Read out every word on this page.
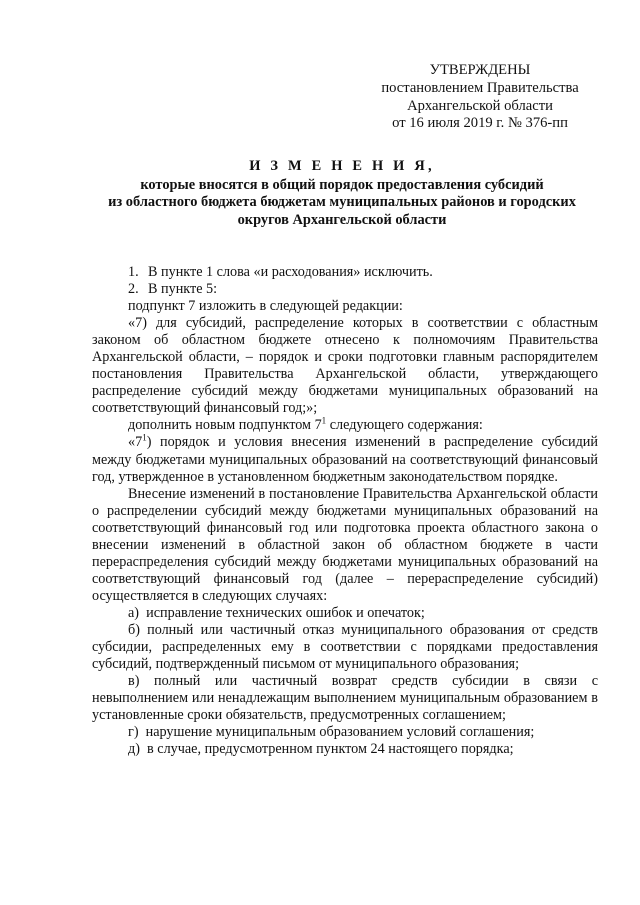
УТВЕРЖДЕНЫ
постановлением Правительства
Архангельской области
от 16 июля 2019 г. № 376-пп
И З М Е Н Е Н И Я,
которые вносятся в общий порядок предоставления субсидий
из областного бюджета бюджетам муниципальных районов и городских
округов Архангельской области
1. В пункте 1 слова «и расходования» исключить.
2. В пункте 5:
подпункт 7 изложить в следующей редакции:
«7) для субсидий, распределение которых в соответствии с областным законом об областном бюджете отнесено к полномочиям Правительства Архангельской области, – порядок и сроки подготовки главным распорядителем постановления Правительства Архангельской области, утверждающего распределение субсидий между бюджетами муниципальных образований на соответствующий финансовый год;»;
дополнить новым подпунктом $7^1$ следующего содержания:
«$7^1$) порядок и условия внесения изменений в распределение субсидий между бюджетами муниципальных образований на соответствующий финансовый год, утвержденное в установленном бюджетным законодательством порядке.
Внесение изменений в постановление Правительства Архангельской области о распределении субсидий между бюджетами муниципальных образований на соответствующий финансовый год или подготовка проекта областного закона о внесении изменений в областной закон об областном бюджете в части перераспределения субсидий между бюджетами муниципальных образований на соответствующий финансовый год (далее – перераспределение субсидий) осуществляется в следующих случаях:
а)  исправление технических ошибок и опечаток;
б) полный или частичный отказ муниципального образования от средств субсидии, распределенных ему в соответствии с порядками предоставления субсидий, подтвержденный письмом от муниципального образования;
в) полный или частичный возврат средств субсидии в связи с невыполнением или ненадлежащим выполнением муниципальным образованием в установленные сроки обязательств, предусмотренных соглашением;
г)  нарушение муниципальным образованием условий соглашения;
д)  в случае, предусмотренном пунктом 24 настоящего порядка;
